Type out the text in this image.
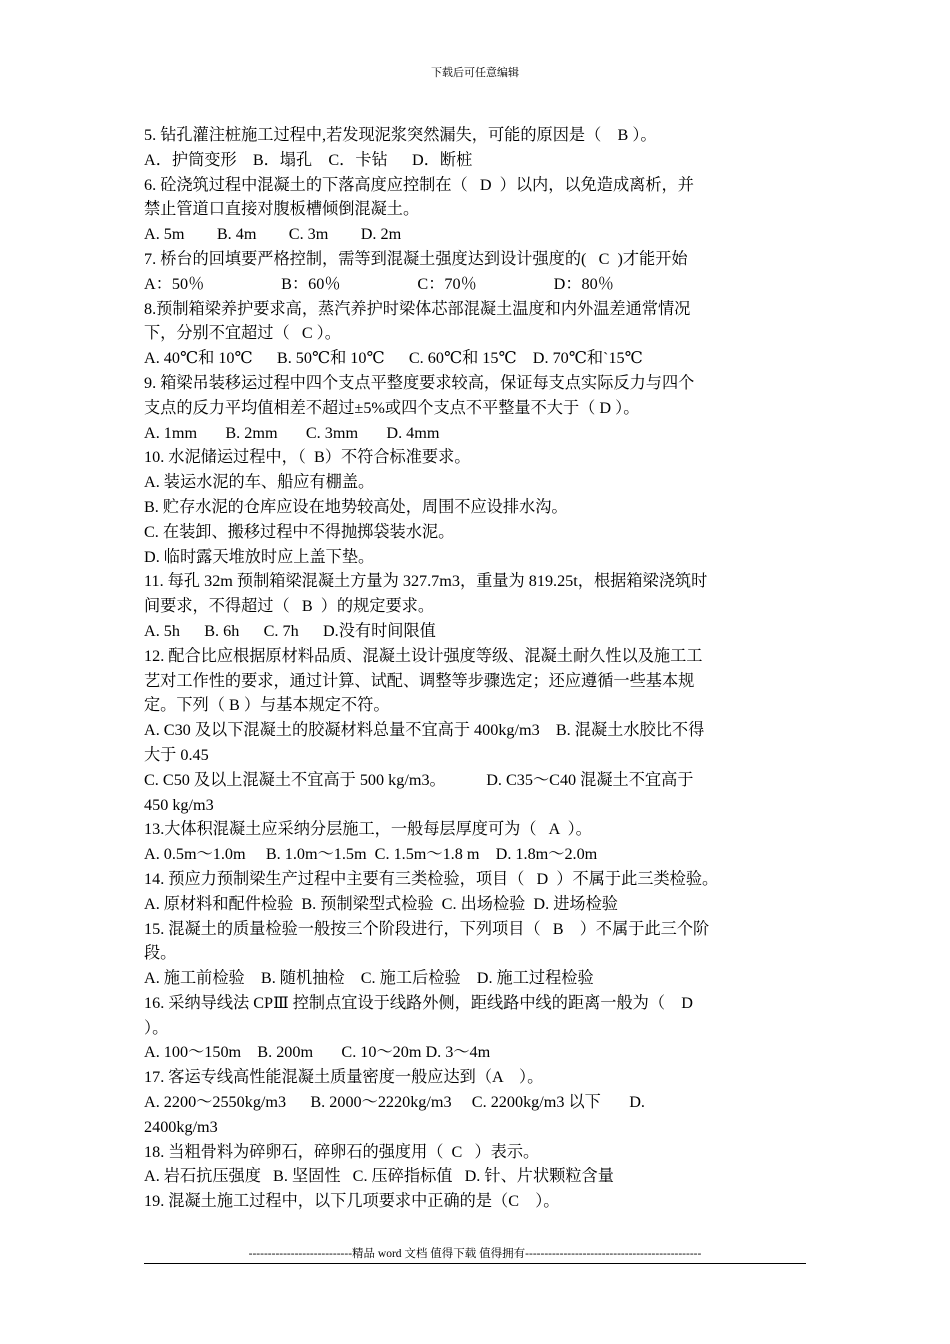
下载后可任意编辑
5. 钻孔灌注桩施工过程中,若发现泥浆突然漏失，可能的原因是（    B ）。
A．护筒变形    B．塌孔    C．卡钻      D．断桩
6. 砼浇筑过程中混凝土的下落高度应控制在（   D  ）以内，以免造成离析，并
禁止管道口直接对腹板槽倾倒混凝土。
A. 5m        B. 4m        C. 3m        D. 2m
7. 桥台的回填要严格控制，需等到混凝土强度达到设计强度的(   C  )才能开始
A：50％                   B：60％                   C：70％                   D：80％
8.预制箱梁养护要求高，蒸汽养护时梁体芯部混凝土温度和内外温差通常情况
下，分别不宜超过（   C ）。
A. 40℃和 10℃      B. 50℃和 10℃      C. 60℃和 15℃    D. 70℃和`15℃
9. 箱梁吊装移运过程中四个支点平整度要求较高，保证每支点实际反力与四个
支点的反力平均值相差不超过±5%或四个支点不平整量不大于（ D ）。
A. 1mm       B. 2mm       C. 3mm       D. 4mm
10. 水泥储运过程中，（  B）不符合标准要求。
A. 装运水泥的车、船应有棚盖。
B. 贮存水泥的仓库应设在地势较高处，周围不应设排水沟。
C. 在装卸、搬移过程中不得抛掷袋装水泥。
D. 临时露天堆放时应上盖下垫。
11. 每孔 32m 预制箱梁混凝土方量为 327.7m3，重量为 819.25t，根据箱梁浇筑时
间要求，不得超过（   B  ）的规定要求。
A. 5h      B. 6h      C. 7h      D.没有时间限值
12. 配合比应根据原材料品质、混凝土设计强度等级、混凝土耐久性以及施工工
艺对工作性的要求，通过计算、试配、调整等步骤选定；还应遵循一些基本规
定。下列（ B ）与基本规定不符。
A. C30 及以下混凝土的胶凝材料总量不宜高于 400kg/m3    B. 混凝土水胶比不得
大于 0.45
C. C50 及以上混凝土不宜高于 500 kg/m3。          D. C35～C40 混凝土不宜高于
450 kg/m3
13.大体积混凝土应采纳分层施工，一般每层厚度可为（   A  ）。
A. 0.5m～1.0m     B. 1.0m～1.5m  C. 1.5m～1.8 m    D. 1.8m～2.0m
14. 预应力预制梁生产过程中主要有三类检验，项目（   D  ）不属于此三类检验。
A. 原材料和配件检验  B. 预制梁型式检验  C. 出场检验  D. 进场检验
15. 混凝土的质量检验一般按三个阶段进行，下列项目（   B    ）不属于此三个阶
段。
A. 施工前检验    B. 随机抽检    C. 施工后检验    D. 施工过程检验
16. 采纳导线法 CPⅢ 控制点宜设于线路外侧，距线路中线的距离一般为（    D
）。
A. 100～150m    B. 200m       C. 10～20m D. 3～4m
17. 客运专线高性能混凝土质量密度一般应达到（A    ）。
A. 2200～2550kg/m3      B. 2000～2220kg/m3     C. 2200kg/m3 以下       D.
2400kg/m3
18. 当粗骨料为碎卵石，碎卵石的强度用（  C   ）表示。
A. 岩石抗压强度   B. 坚固性   C. 压碎指标值   D. 针、片状颗粒含量
19. 混凝土施工过程中，以下几项要求中正确的是（C    ）。
---------------------------精品 word 文档 值得下载 值得拥有----------------------------------------------
